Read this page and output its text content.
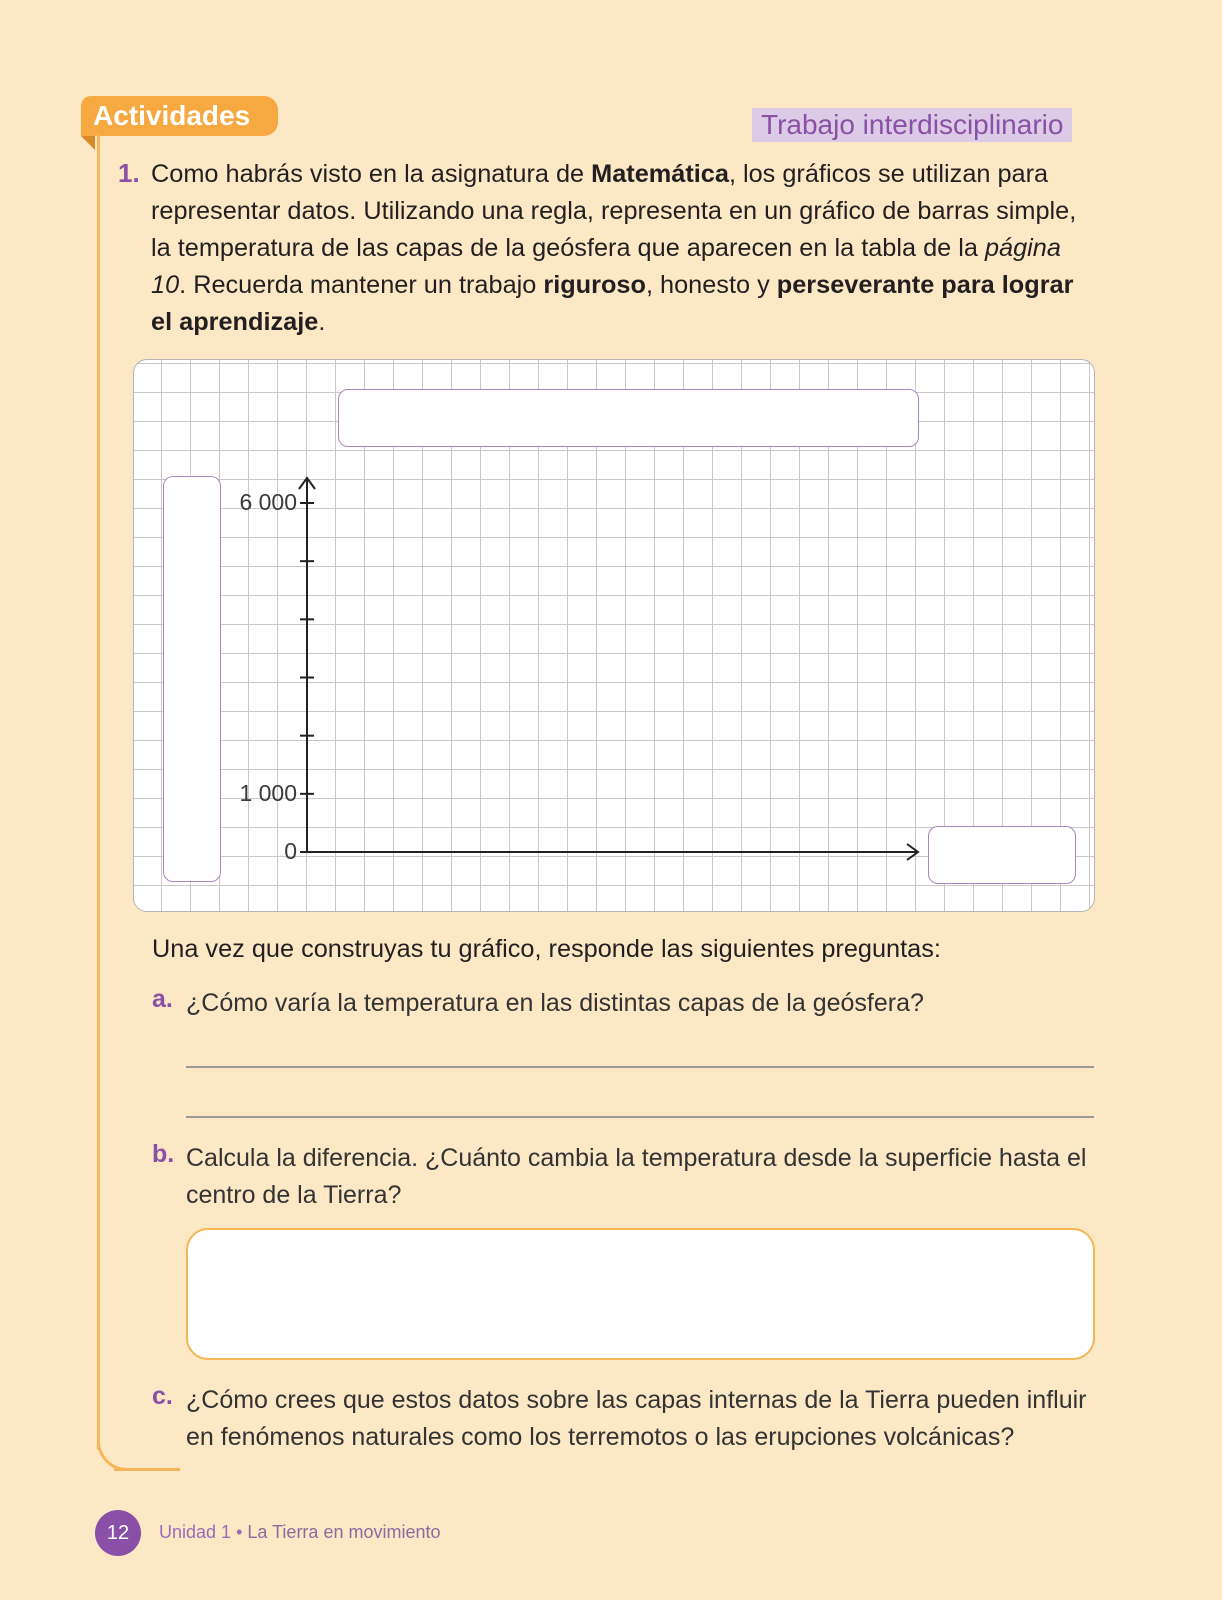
Actividades	Trabajo interdisciplinario
1. Como habrás visto en la asignatura de Matemática, los gráficos se utilizan para representar datos. Utilizando una regla, representa en un gráfico de barras simple, la temperatura de las capas de la geósfera que aparecen en la tabla de la página 10. Recuerda mantener un trabajo riguroso, honesto y perseverante para lograr el aprendizaje.
0
1 000
6 000
Una vez que construyas tu gráfico, responde las siguientes preguntas:
a. ¿Cómo varía la temperatura en las distintas capas de la geósfera?
b. Calcula la diferencia. ¿Cuánto cambia la temperatura desde la superficie hasta el centro de la Tierra?
c. ¿Cómo crees que estos datos sobre las capas internas de la Tierra pueden influir en fenómenos naturales como los terremotos o las erupciones volcánicas?
12	Unidad 1 • La Tierra en movimiento
